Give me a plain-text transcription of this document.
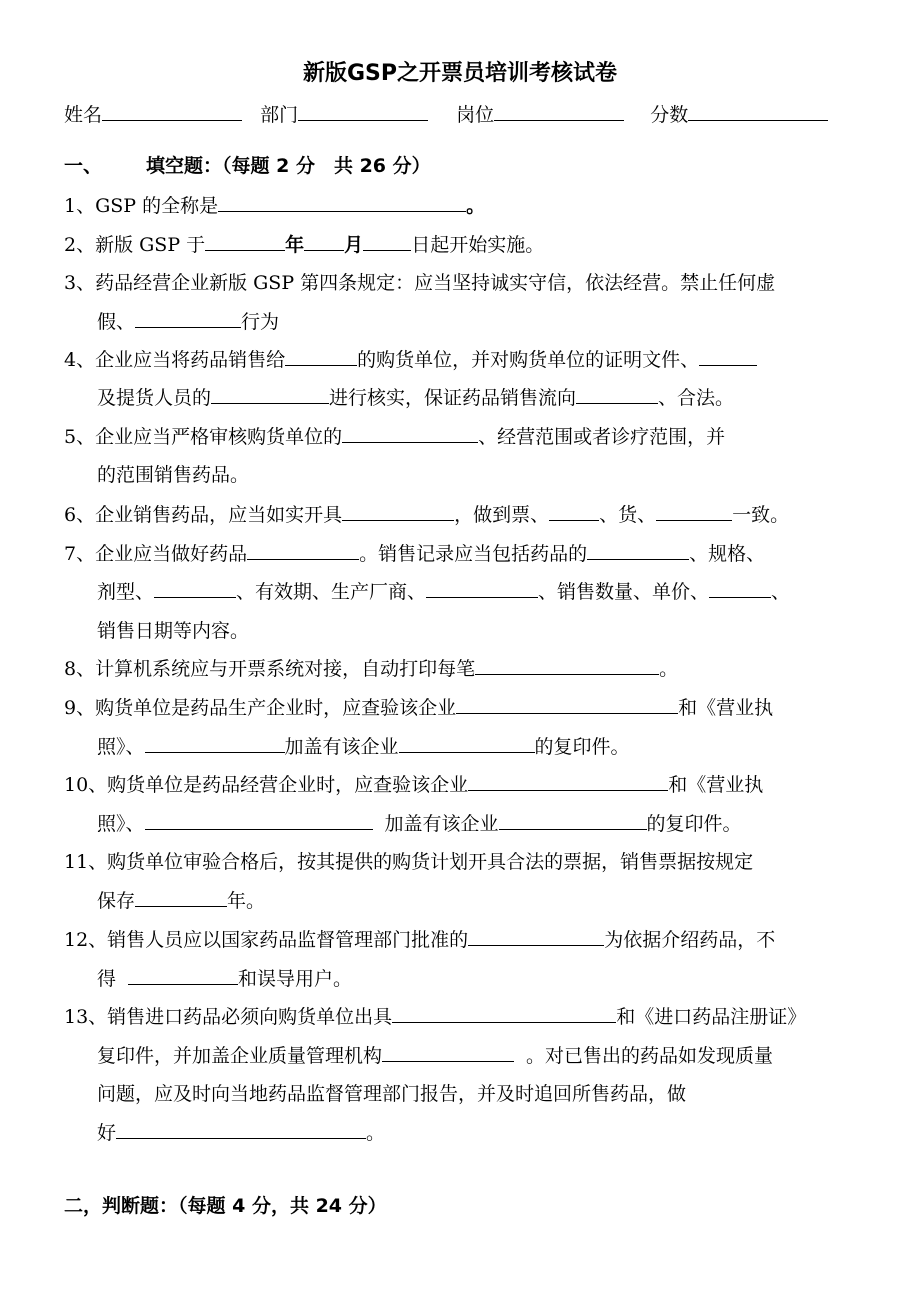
新版GSP之开票员培训考核试卷
姓名	部门	岗位	分数
一、 填空题：（每题 2 分　共 26 分）
1、GSP 的全称是	。
2、新版 GSP 于	年 月	日起开始实施。
3、药品经营企业新版 GSP 第四条规定：应当坚持诚实守信，依法经营。禁止任何虚
假、	行为
4、企业应当将药品销售给	的购货单位，并对购货单位的证明文件、
及提货人员的	进行核实，保证药品销售流向	、合法。
5、企业应当严格审核购货单位的	、经营范围或者诊疗范围，并
的范围销售药品。
6、企业销售药品，应当如实开具	，做到票、	、货、	一致。
7、企业应当做好药品	。销售记录应当包括药品的	、规格、
剂型、	、有效期、生产厂商、	、销售数量、单价、	、
销售日期等内容。
8、计算机系统应与开票系统对接，自动打印每笔	。
9、购货单位是药品生产企业时，应查验该企业	和《营业执
照》、	加盖有该企业	的复印件。
10、购货单位是药品经营企业时，应查验该企业	和《营业执
照》、	加盖有该企业	的复印件。
11、购货单位审验合格后，按其提供的购货计划开具合法的票据，销售票据按规定
保存	年。
12、销售人员应以国家药品监督管理部门批准的	为依据介绍药品，不
得	和误导用户。
13、销售进口药品必须向购货单位出具	和《进口药品注册证》
复印件，并加盖企业质量管理机构	。对已售出的药品如发现质量
问题，应及时向当地药品监督管理部门报告，并及时追回所售药品，做
好	。
二，判断题：（每题 4 分，共 24 分）
